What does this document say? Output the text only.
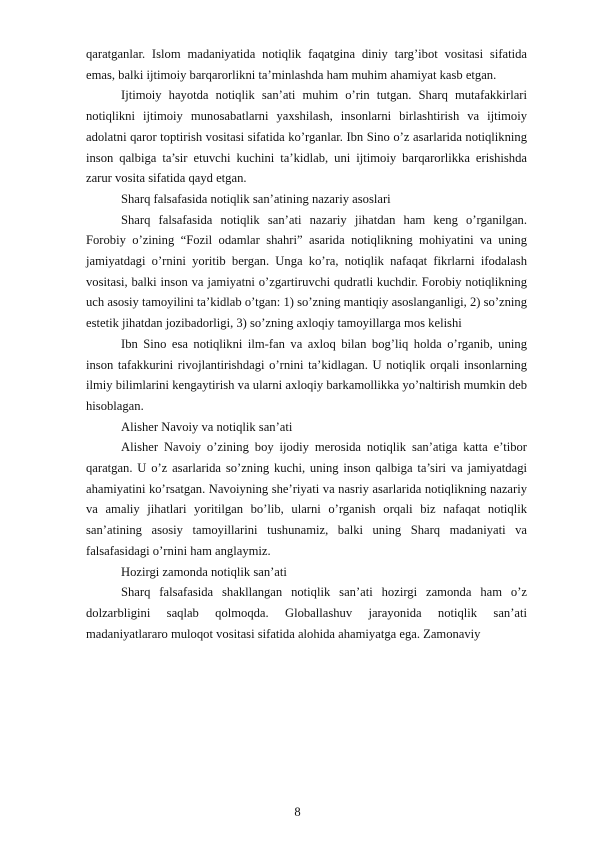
qaratganlar. Islom madaniyatida notiqlik faqatgina diniy targ’ibot vositasi sifatida emas, balki ijtimoiy barqarorlikni ta’minlashda ham muhim ahamiyat kasb etgan.

Ijtimoiy hayotda notiqlik san’ati muhim o’rin tutgan. Sharq mutafakkirlari notiqlikni ijtimoiy munosabatlarni yaxshilash, insonlarni birlashtirish va ijtimoiy adolatni qaror toptirish vositasi sifatida ko’rganlar. Ibn Sino o’z asarlarida notiqlikning inson qalbiga ta’sir etuvchi kuchini ta’kidlab, uni ijtimoiy barqarorlikka erishishda zarur vosita sifatida qayd etgan.

Sharq falsafasida notiqlik san’atining nazariy asoslari

Sharq falsafasida notiqlik san’ati nazariy jihatdan ham keng o’rganilgan. Forobiy o’zining “Fozil odamlar shahri” asarida notiqlikning mohiyatini va uning jamiyatdagi o’rnini yoritib bergan. Unga ko’ra, notiqlik nafaqat fikrlarni ifodalash vositasi, balki inson va jamiyatni o’zgartiruvchi qudratli kuchdir. Forobiy notiqlikning uch asosiy tamoyilini ta’kidlab o’tgan: 1) so’zning mantiqiy asoslanganligi, 2) so’zning estetik jihatdan jozibadorligi, 3) so’zning axloqiy tamoyillarga mos kelishi

Ibn Sino esa notiqlikni ilm-fan va axloq bilan bog’liq holda o’rganib, uning inson tafakkurini rivojlantirishdagi o’rnini ta’kidlagan. U notiqlik orqali insonlarning ilmiy bilimlarini kengaytirish va ularni axloqiy barkamollikka yo’naltirish mumkin deb hisoblagan.

Alisher Navoiy va notiqlik san’ati

Alisher Navoiy o’zining boy ijodiy merosida notiqlik san’atiga katta e’tibor qaratgan. U o’z asarlarida so’zning kuchi, uning inson qalbiga ta’siri va jamiyatdagi ahamiyatini ko’rsatgan. Navoiyning she’riyati va nasriy asarlarida notiqlikning nazariy va amaliy jihatlari yoritilgan bo’lib, ularni o’rganish orqali biz nafaqat notiqlik san’atining asosiy tamoyillarini tushunamiz, balki uning Sharq madaniyati va falsafasidagi o’rnini ham anglaymiz.

Hozirgi zamonda notiqlik san’ati

Sharq falsafasida shakllangan notiqlik san’ati hozirgi zamonda ham o’z dolzarbligini saqlab qolmoqda. Globallashuv jarayonida notiqlik san’ati madaniyatlararo muloqot vositasi sifatida alohida ahamiyatga ega. Zamonaviy

8
